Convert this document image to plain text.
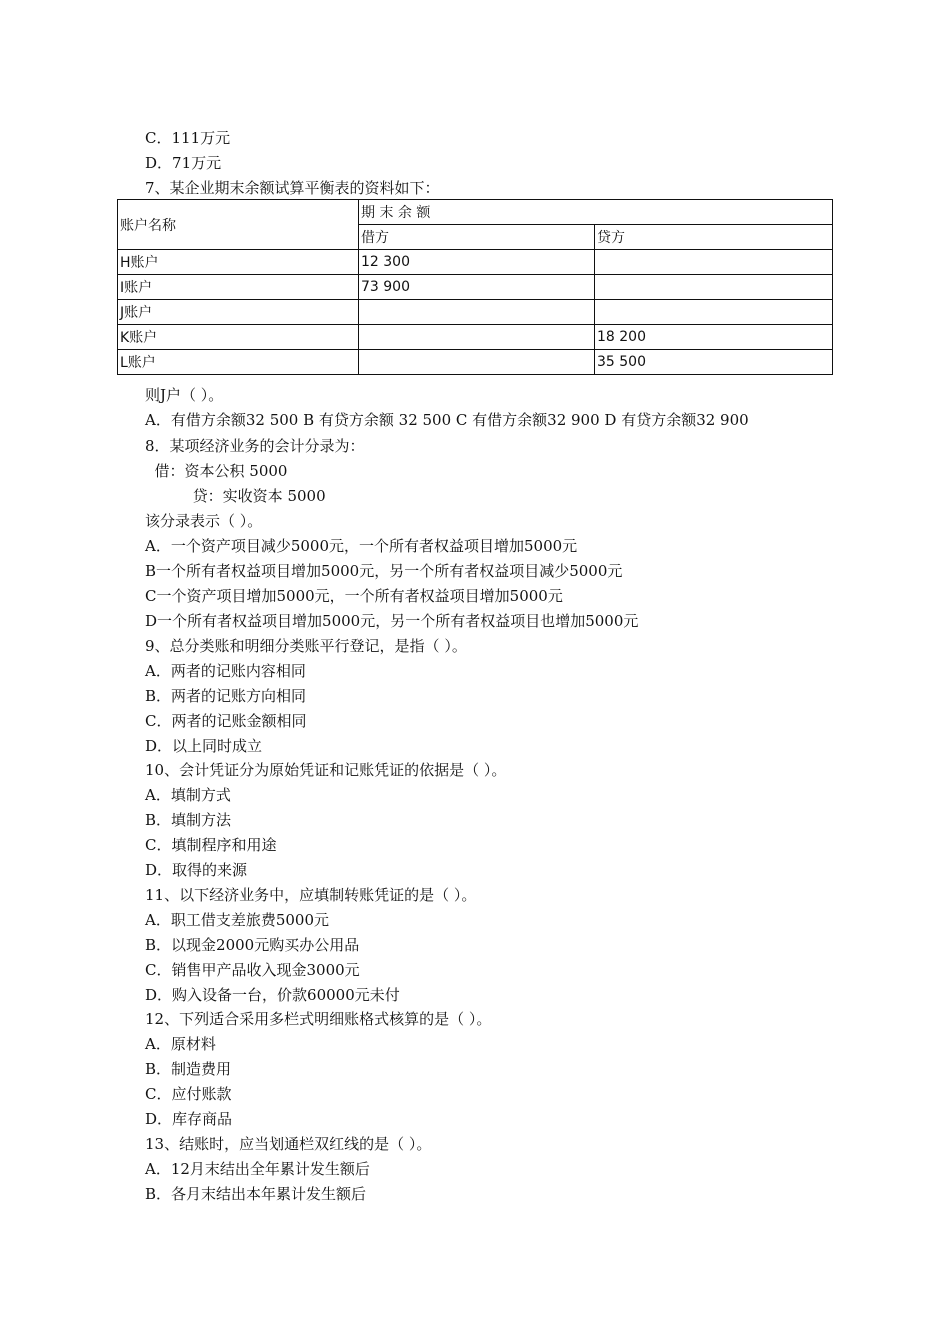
C．111万元
D．71万元
7、某企业期末余额试算平衡表的资料如下：
账户名称	期 末 余 额	
	借方	贷方
H账户	12 300	
I账户	73 900	
J账户		
K账户		18 200
L账户		35 500
则J户（ ）。
A．有借方余额32 500 B 有贷方余额 32 500 C 有借方余额32 900 D 有贷方余额32 900
8．某项经济业务的会计分录为：
借：资本公积 5000
贷：实收资本 5000
该分录表示（ ）。
A．一个资产项目减少5000元，一个所有者权益项目增加5000元
B一个所有者权益项目增加5000元，另一个所有者权益项目减少5000元
C一个资产项目增加5000元，一个所有者权益项目增加5000元
D一个所有者权益项目增加5000元，另一个所有者权益项目也增加5000元
9、总分类账和明细分类账平行登记，是指（ ）。
A．两者的记账内容相同
B．两者的记账方向相同
C．两者的记账金额相同
D．以上同时成立
10、会计凭证分为原始凭证和记账凭证的依据是（ ）。
A．填制方式
B．填制方法
C．填制程序和用途
D．取得的来源
11、以下经济业务中，应填制转账凭证的是（ ）。
A．职工借支差旅费5000元
B．以现金2000元购买办公用品
C．销售甲产品收入现金3000元
D．购入设备一台，价款60000元未付
12、下列适合采用多栏式明细账格式核算的是（ ）。
A．原材料
B．制造费用
C．应付账款
D．库存商品
13、结账时，应当划通栏双红线的是（ ）。
A．12月末结出全年累计发生额后
B．各月末结出本年累计发生额后
